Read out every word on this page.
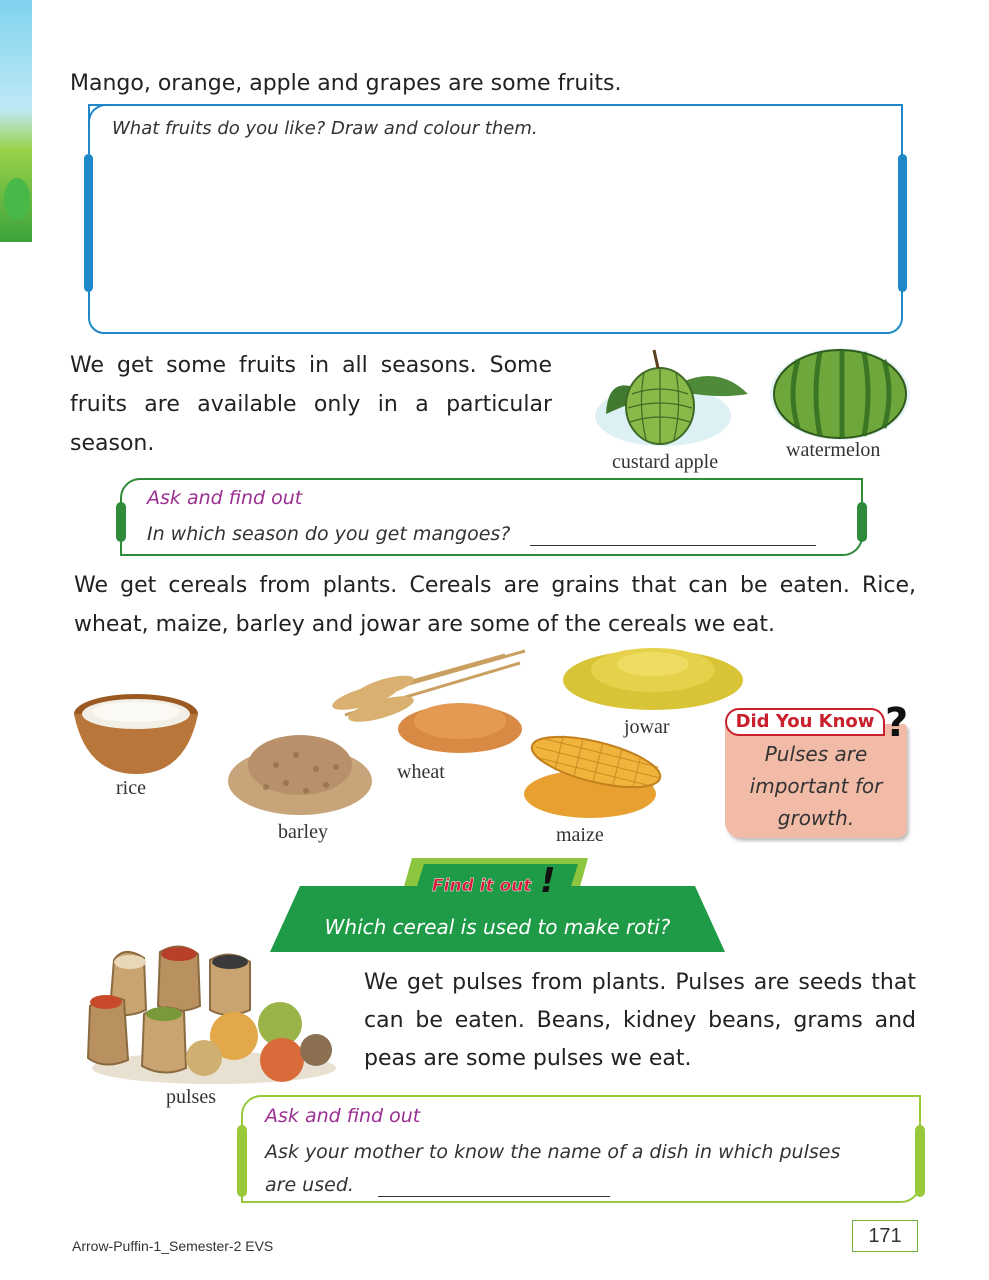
Mango, orange, apple and grapes are some fruits.
What fruits do you like? Draw and colour them.
We get some fruits in all seasons. Some fruits are available only in a particular season.
custard apple
watermelon
Ask and find out
In which season do you get mangoes?
We get cereals from plants. Cereals are grains that can be eaten. Rice, wheat, maize, barley and jowar are some of the cereals we eat.
rice
barley
wheat
jowar
maize
Did You Know ?
Pulses are
important for
growth.
Find it out !
Which cereal is used to make roti?
pulses
We get pulses from plants. Pulses are seeds that can be eaten. Beans, kidney beans, grams and peas are some pulses we eat.
Ask and find out
Ask your mother to know the name of a dish in which pulses
are used.
Arrow-Puffin-1_Semester-2 EVS	171
